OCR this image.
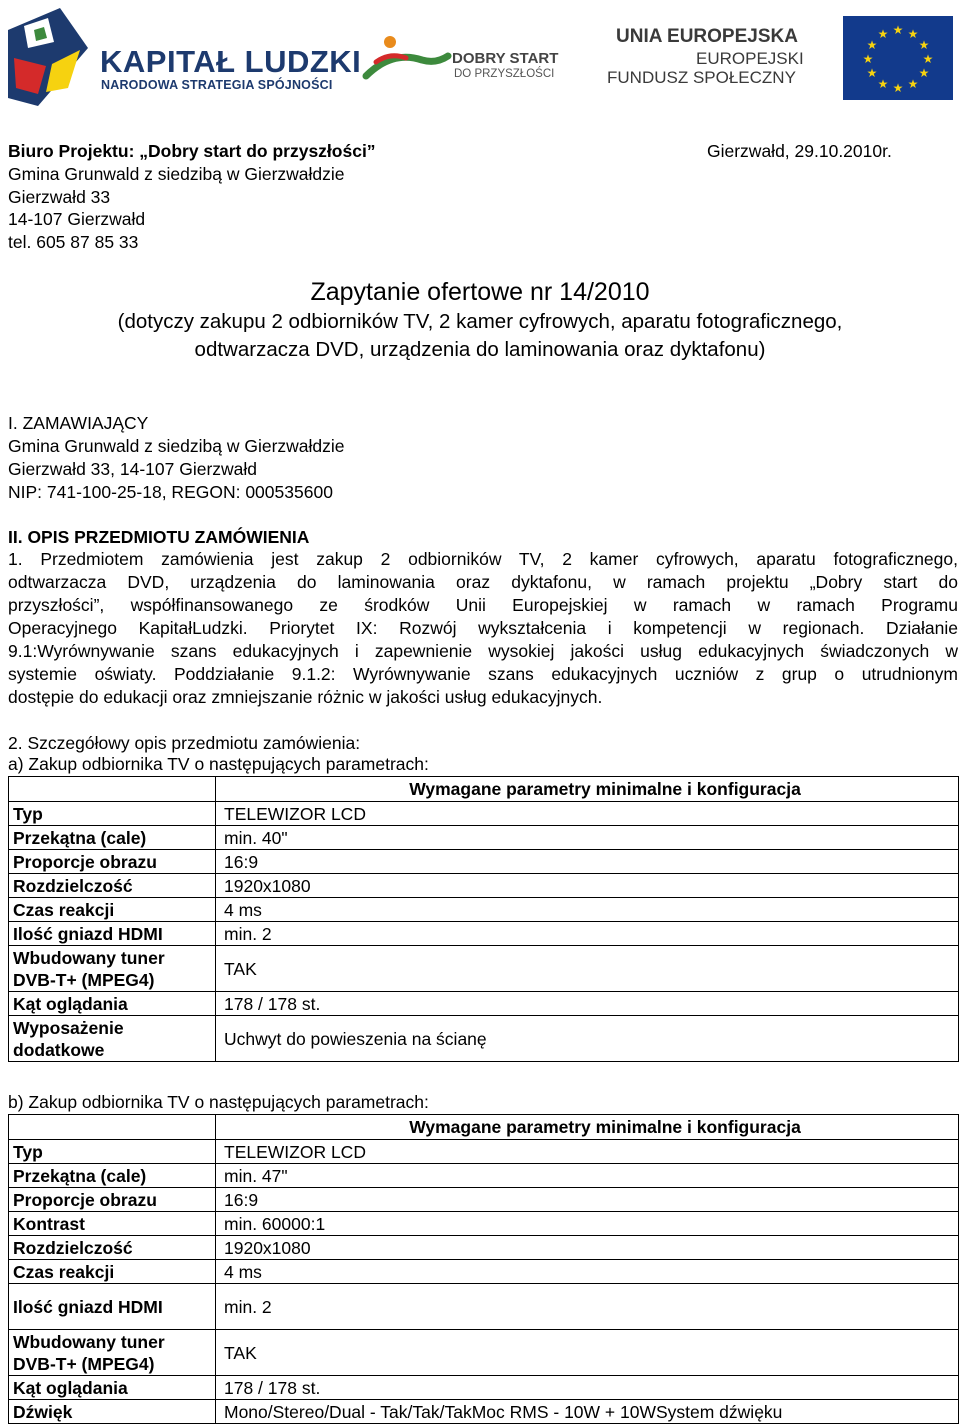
KAPITAŁ LUDZKI
NARODOWA STRATEGIA SPÓJNOŚCI
DOBRY START
DO PRZYSZŁOŚCI
UNIA EUROPEJSKA
EUROPEJSKI
FUNDUSZ SPOŁECZNY
★ ★
★
★
★
★
★
★
★
★
★
★
Biuro Projektu: „Dobry start do przyszłości”	Gierzwałd, 29.10.2010r.
Gmina Grunwald z siedzibą w Gierzwałdzie
Gierzwałd 33
14-107 Gierzwałd
tel. 605 87 85 33
Zapytanie ofertowe nr 14/2010
(dotyczy zakupu 2 odbiorników TV, 2 kamer cyfrowych, aparatu fotograficznego,
odtwarzacza DVD, urządzenia do laminowania oraz dyktafonu)
I. ZAMAWIAJĄCY
Gmina Grunwald z siedzibą w Gierzwałdzie
Gierzwałd 33, 14-107 Gierzwałd
NIP: 741-100-25-18, REGON: 000535600
II. OPIS PRZEDMIOTU ZAMÓWIENIA
1. Przedmiotem zamówienia jest zakup 2 odbiorników TV, 2 kamer cyfrowych, aparatu fotograficznego,
odtwarzacza DVD, urządzenia do laminowania oraz dyktafonu, w ramach projektu „Dobry start do
przyszłości”, współfinansowanego ze środków Unii Europejskiej w ramach w ramach Programu
Operacyjnego KapitałLudzki. Priorytet IX: Rozwój wykształcenia i kompetencji w regionach. Działanie
9.1:Wyrównywanie szans edukacyjnych i zapewnienie wysokiej jakości usług edukacyjnych świadczonych w
systemie oświaty. Poddziałanie 9.1.2: Wyrównywanie szans edukacyjnych uczniów z grup o utrudnionym
dostępie do edukacji oraz zmniejszanie różnic w jakości usług edukacyjnych.
2. Szczegółowy opis przedmiotu zamówienia:
a) Zakup odbiornika TV o następujących parametrach:
	Wymagane parametry minimalne i konfiguracja
Typ	TELEWIZOR LCD
Przekątna (cale)	min. 40"
Proporcje obrazu	16:9
Rozdzielczość	1920x1080
Czas reakcji	4 ms
Ilość gniazd HDMI	min. 2
Wbudowany tuner DVB-T+ (MPEG4)	TAK
Kąt oglądania	178 / 178 st.
Wyposażenie dodatkowe	Uchwyt do powieszenia na ścianę
b) Zakup odbiornika TV o następujących parametrach:
	Wymagane parametry minimalne i konfiguracja
Typ	TELEWIZOR LCD
Przekątna (cale)	min. 47"
Proporcje obrazu	16:9
Kontrast	min. 60000:1
Rozdzielczość	1920x1080
Czas reakcji	4 ms
Ilość gniazd HDMI	min. 2
Wbudowany tuner DVB-T+ (MPEG4)	TAK
Kąt oglądania	178 / 178 st.
Dźwięk	Mono/Stereo/Dual - Tak/Tak/TakMoc RMS - 10W + 10WSystem dźwięku
